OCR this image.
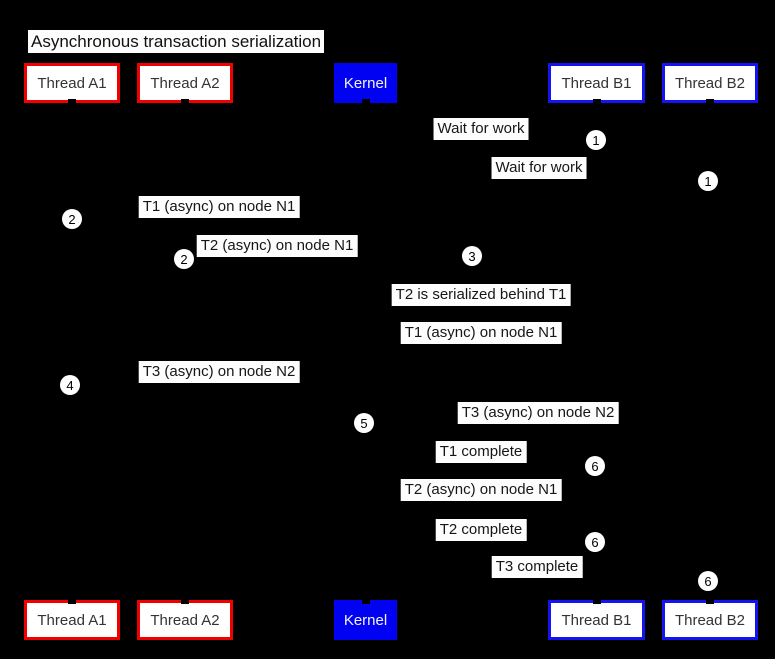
Asynchronous transaction serialization
Thread A1	Thread A2	Kernel	Thread B1	Thread B2
Wait for work
Wait for work
T1 (async) on node N1
T2 (async) on node N1
T2 is serialized behind T1
T1 (async) on node N1
T3 (async) on node N2
T3 (async) on node N2
T1 complete
T2 (async) on node N1
T2 complete
T3 complete
1
1
2
2	3
4
5
6
6
6
Thread A1	Thread A2	Kernel	Thread B1	Thread B2
